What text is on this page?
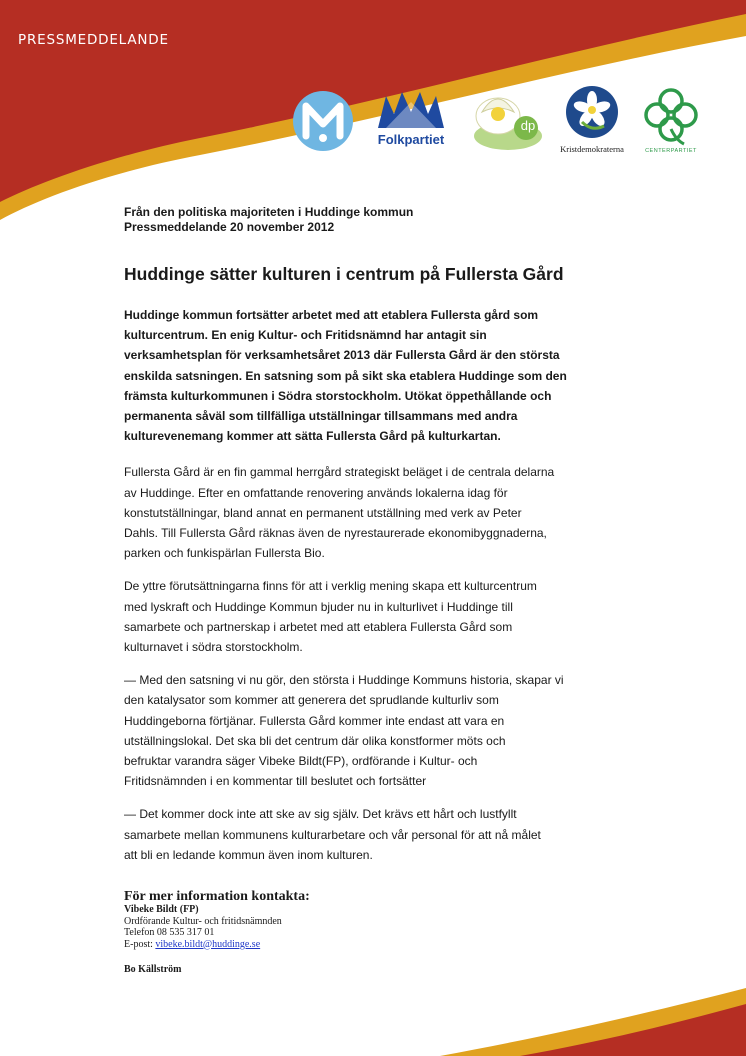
PRESSMEDDELANDE
Folkpartiet
dp
Kristdemokraterna	CENTERPARTIET

Från den politiska majoriteten i Huddinge kommun

Pressmeddelande 20 november 2012

Huddinge sätter kulturen i centrum på Fullersta Gård

Huddinge kommun fortsätter arbetet med att etablera Fullersta gård som
kulturcentrum. En enig Kultur- och Fritidsnämnd har antagit sin
verksamhetsplan för verksamhetsåret 2013 där Fullersta Gård är den största
enskilda satsningen. En satsning som på sikt ska etablera Huddinge som den
främsta kulturkommunen i Södra storstockholm. Utökat öppethållande och
permanenta såväl som tillfälliga utställningar tillsammans med andra
kulturevenemang kommer att sätta Fullersta Gård på kulturkartan.

Fullersta Gård är en fin gammal herrgård strategiskt beläget i de centrala delarna
av Huddinge. Efter en omfattande renovering används lokalerna idag för
konstutställningar, bland annat en permanent utställning med verk av Peter
Dahls. Till Fullersta Gård räknas även de nyrestaurerade ekonomibyggnaderna,
parken och funkispärlan Fullersta Bio.

De yttre förutsättningarna finns för att i verklig mening skapa ett kulturcentrum
med lyskraft och Huddinge Kommun bjuder nu in kulturlivet i Huddinge till
samarbete och partnerskap i arbetet med att etablera Fullersta Gård som
kulturnavet i södra storstockholm.

— Med den satsning vi nu gör, den största i Huddinge Kommuns historia, skapar vi
den katalysator som kommer att generera det sprudlande kulturliv som
Huddingeborna förtjänar. Fullersta Gård kommer inte endast att vara en
utställningslokal. Det ska bli det centrum där olika konstformer möts och
befruktar varandra säger Vibeke Bildt(FP), ordförande i Kultur- och
Fritidsnämnden i en kommentar till beslutet och fortsätter

— Det kommer dock inte att ske av sig själv. Det krävs ett hårt och lustfyllt
samarbete mellan kommunens kulturarbetare och vår personal för att nå målet
att bli en ledande kommun även inom kulturen.

För mer information kontakta:

Vibeke Bildt (FP)

Ordförande Kultur- och fritidsnämnden

Telefon 08 535 317 01

E-post: vibeke.bildt@huddinge.se

Bo Källström
